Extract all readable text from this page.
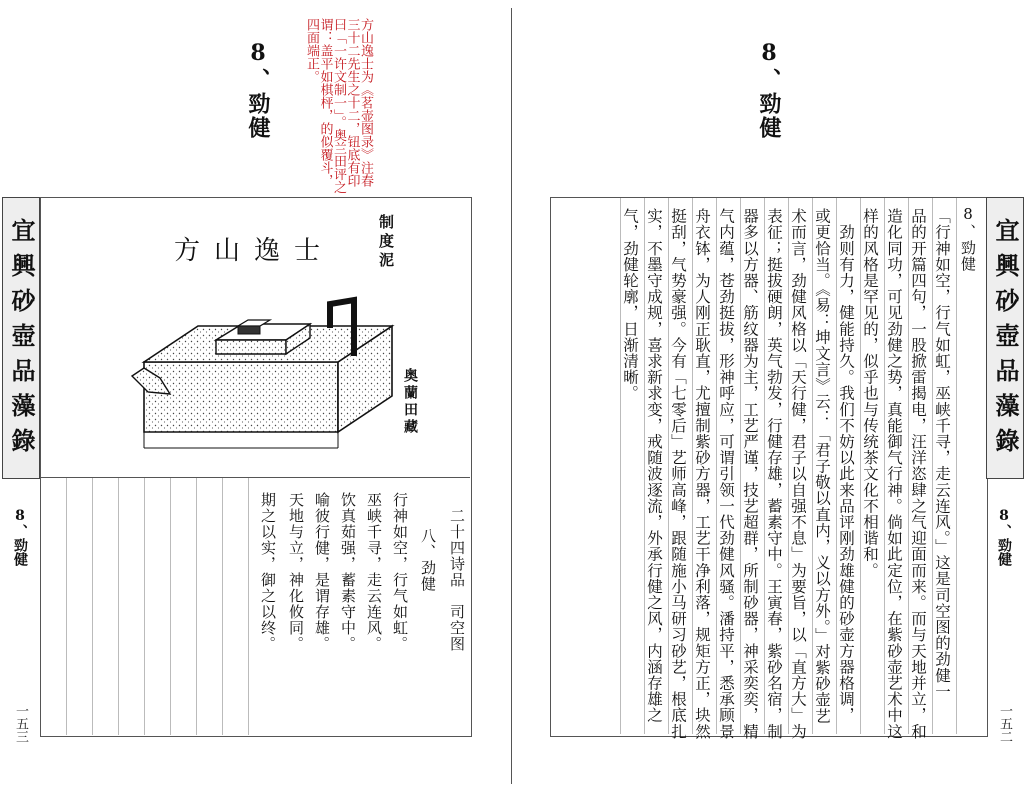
8、勁健	方山逸士为《茗壶图录》注春三十二先生之十二，钮底有印曰「一许文制一」。奥兰田评之谓：盖平如棋枰，的似覆斗，四面端正。
宜興砂壺品藻錄	制度泥
奥蘭田藏
方山逸士
二十四诗品　司空图
八、劲健
行神如空，行气如虹。
巫峡千寻，走云连风。
饮真茹强，蓄素守中。
喻彼行健，是谓存雄。
天地与立，神化攸同。
期之以实，御之以终。
8、勁健
一五三
8、勁健
宜興砂壺品藻錄
8、勁健
一五二
8、勁健
「行神如空，行气如虹，巫峡千寻，走云连风。」这是司空图的劲健一
品的开篇四句，一股掀雷揭电，汪洋恣肆之气迎面而来。而与天地并立，和
造化同功，可见劲健之势，真能御气行神。倘如此定位，在紫砂壶艺术中这
样的风格是罕见的，似乎也与传统茶文化不相谐和。
　劲则有力，健能持久。我们不妨以此来品评刚劲雄健的砂壶方器格调，
或更恰当。《易：坤文言》云：「君子敬以直内，义以方外。」对紫砂壶艺
术而言，劲健风格以「天行健，君子以自强不息」为要旨，以「直方大」为
表征；挺拔硬朗，英气勃发，行健存雄，蓄素守中。王寅春，紫砂名宿，制
器多以方器、筋纹器为主，工艺严谨，技艺超群，所制砂器，神采奕奕，精
气内蕴，苍劲挺拔，形神呼应，可谓引领一代劲健风骚。潘持平，悉承顾景
舟衣钵，为人刚正耿直，尤擅制紫砂方器，工艺干净利落，规矩方正，块然
挺刮，气势豪强。今有「七零后」艺师高峰，跟随施小马研习砂艺，根底扎
实，不墨守成规，喜求新求变，戒随波逐流，外承行健之风，内涵存雄之
气，劲健轮廓，日渐清晰。
